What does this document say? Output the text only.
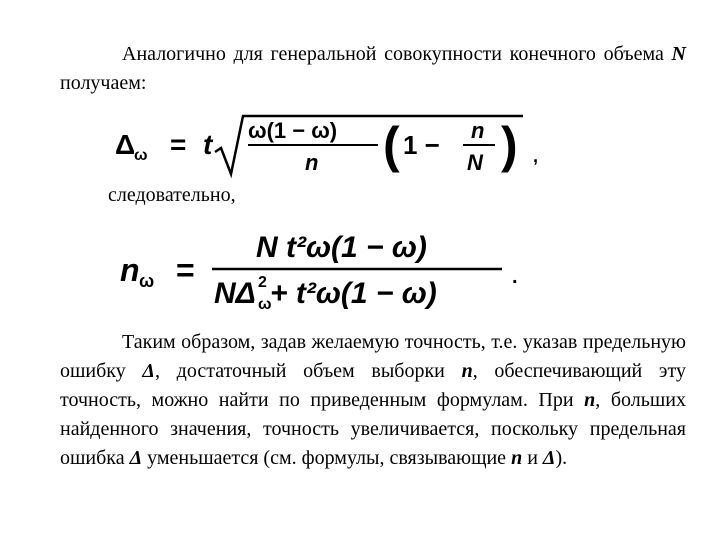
Аналогично для генеральной совокупности конечного объема N получаем:
Δ
ω = t ω(1 − ω)
n ( 1 − n
N ) ,
следовательно,
n ω =
N t²ω(1 − ω)
NΔ 2
ω
+ t²ω(1 − ω)	.
Таким образом, задав желаемую точность, т.е. указав предельную ошибку Δ, достаточный объем выборки n, обеспечивающий эту точность, можно найти по приведенным формулам. При n, больших найденного значения, точность увеличивается, поскольку предельная ошибка Δ уменьшается (см. формулы, связывающие n и Δ).
